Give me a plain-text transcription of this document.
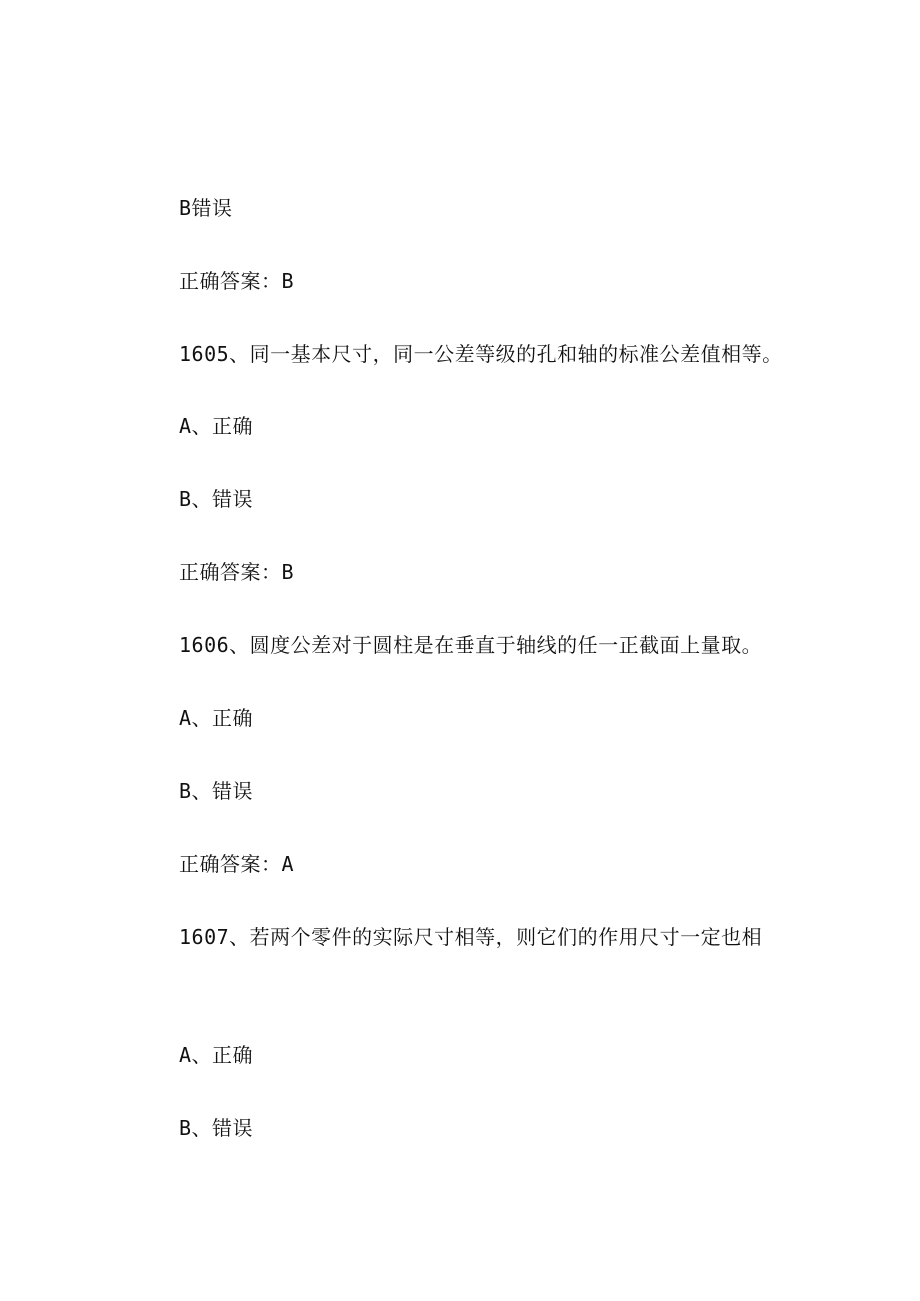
B错误
正确答案：B
1605、同一基本尺寸，同一公差等级的孔和轴的标准公差值相等。
A、正确
B、错误
正确答案：B
1606、圆度公差对于圆柱是在垂直于轴线的任一正截面上量取。
A、正确
B、错误
正确答案：A
1607、若两个零件的实际尺寸相等，则它们的作用尺寸一定也相
A、正确
B、错误
